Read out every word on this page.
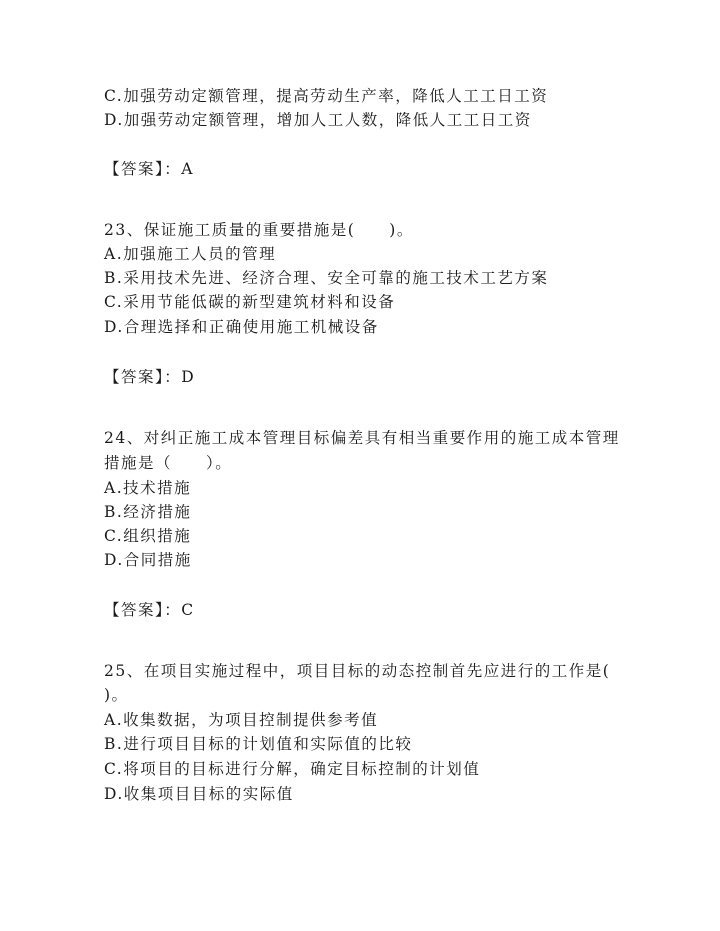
C.加强劳动定额管理，提高劳动生产率，降低人工工日工资
D.加强劳动定额管理，增加人工人数，降低人工工日工资
【答案】：A
23、保证施工质量的重要措施是(　　)。
A.加强施工人员的管理
B.采用技术先进、经济合理、安全可靠的施工技术工艺方案
C.采用节能低碳的新型建筑材料和设备
D.合理选择和正确使用施工机械设备
【答案】：D
24、对纠正施工成本管理目标偏差具有相当重要作用的施工成本管理
措施是（　　）。
A.技术措施
B.经济措施
C.组织措施
D.合同措施
【答案】：C
25、在项目实施过程中，项目目标的动态控制首先应进行的工作是(
)。
A.收集数据，为项目控制提供参考值
B.进行项目目标的计划值和实际值的比较
C.将项目的目标进行分解，确定目标控制的计划值
D.收集项目目标的实际值
